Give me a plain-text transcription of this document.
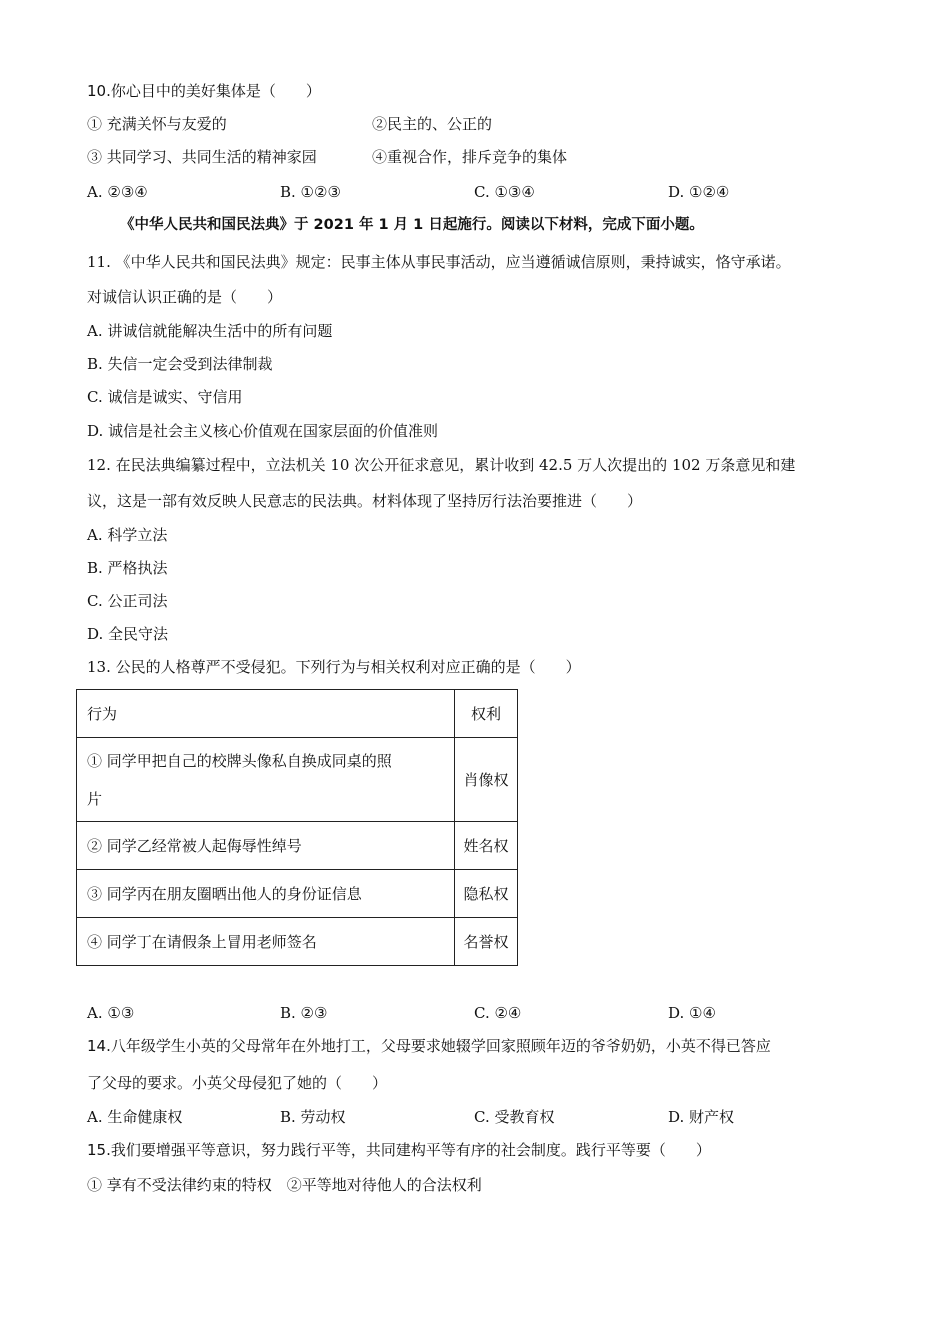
10.你心目中的美好集体是（　　）
① 充满关怀与友爱的	②民主的、公正的
③ 共同学习、共同生活的精神家园	④重视合作，排斥竞争的集体
A. ②③④	B. ①②③	C. ①③④	D. ①②④
《中华人民共和国民法典》于 2021 年 1 月 1 日起施行。阅读以下材料，完成下面小题。
11. 《中华人民共和国民法典》规定：民事主体从事民事活动，应当遵循诚信原则，秉持诚实，恪守承诺。
对诚信认识正确的是（　　）
A. 讲诚信就能解决生活中的所有问题
B. 失信一定会受到法律制裁
C. 诚信是诚实、守信用
D. 诚信是社会主义核心价值观在国家层面的价值准则
12. 在民法典编纂过程中，立法机关 10 次公开征求意见，累计收到 42.5 万人次提出的 102 万条意见和建
议，这是一部有效反映人民意志的民法典。材料体现了坚持厉行法治要推进（　　）
A. 科学立法
B. 严格执法
C. 公正司法
D. 全民守法
13. 公民的人格尊严不受侵犯。下列行为与相关权利对应正确的是（　　）
行为	权利

① 同学甲把自己的校牌头像私自换成同桌的照
片	肖像权
② 同学乙经常被人起侮辱性绰号	姓名权
③ 同学丙在朋友圈晒出他人的身份证信息	隐私权
④ 同学丁在请假条上冒用老师签名	名誉权
A. ①③	B. ②③	C. ②④	D. ①④
14.八年级学生小英的父母常年在外地打工，父母要求她辍学回家照顾年迈的爷爷奶奶，小英不得已答应
了父母的要求。小英父母侵犯了她的（　　）
A. 生命健康权	B. 劳动权	C. 受教育权	D. 财产权
15.我们要增强平等意识，努力践行平等，共同建构平等有序的社会制度。践行平等要（　　）
① 享有不受法律约束的特权　②平等地对待他人的合法权利
